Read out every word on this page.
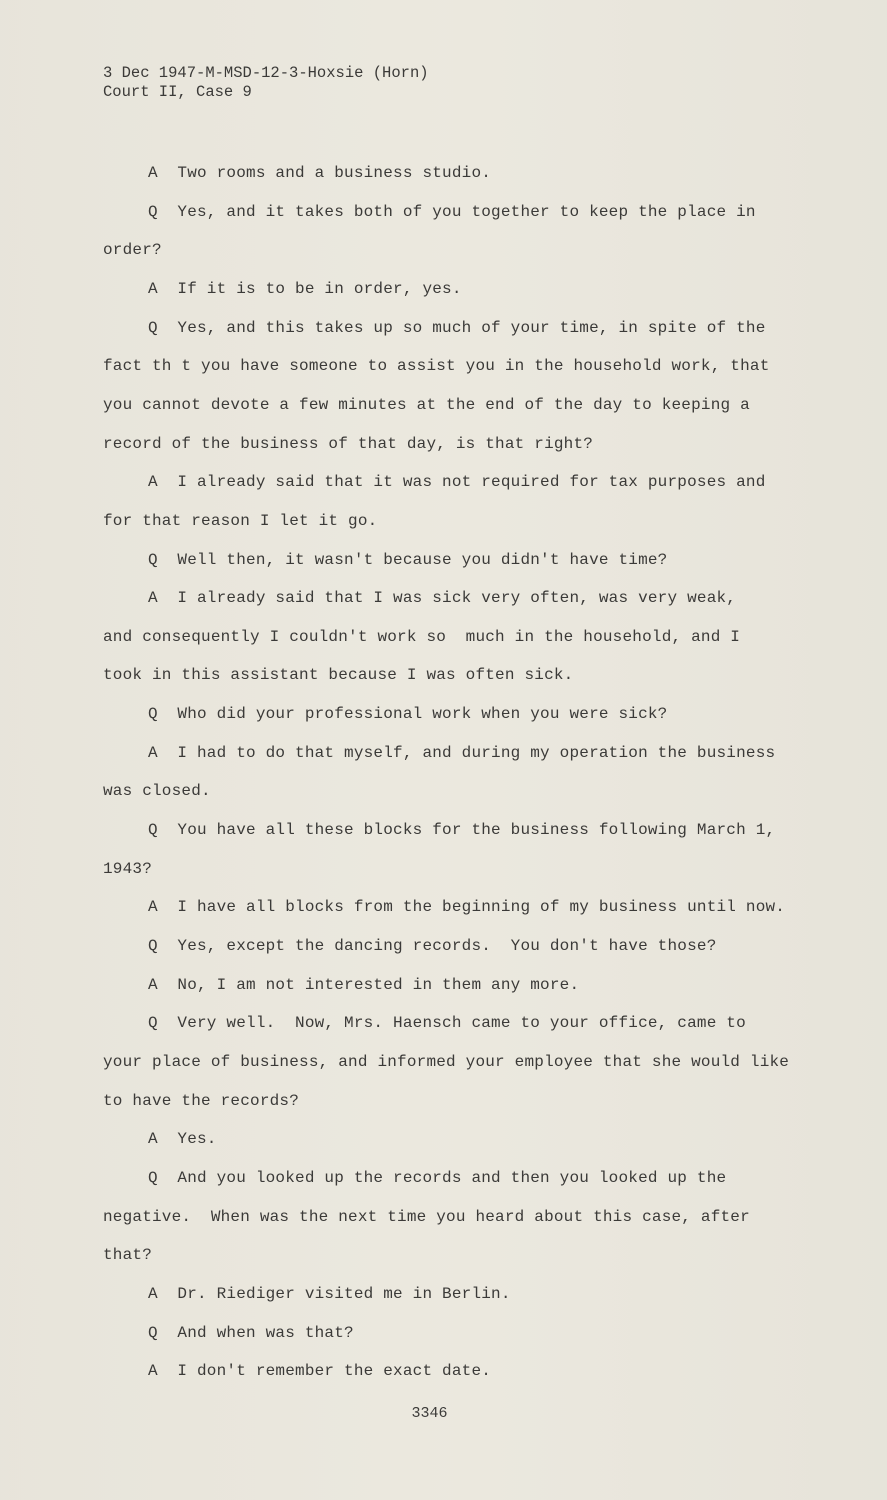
3 Dec 1947-M-MSD-12-3-Hoxsie (Horn)
Court II, Case 9
A  Two rooms and a business studio.
Q  Yes, and it takes both of you together to keep the place in
order?
A  If it is to be in order, yes.
Q  Yes, and this takes up so much of your time, in spite of the
fact th t you have someone to assist you in the household work, that
you cannot devote a few minutes at the end of the day to keeping a
record of the business of that day, is that right?
A  I already said that it was not required for tax purposes and
for that reason I let it go.
Q  Well then, it wasn't because you didn't have time?
A  I already said that I was sick very often, was very weak,
and consequently I couldn't work so  much in the household, and I
took in this assistant because I was often sick.
Q  Who did your professional work when you were sick?
A  I had to do that myself, and during my operation the business
was closed.
Q  You have all these blocks for the business following March 1,
1943?
A  I have all blocks from the beginning of my business until now.
Q  Yes, except the dancing records.  You don't have those?
A  No, I am not interested in them any more.
Q  Very well.  Now, Mrs. Haensch came to your office, came to
your place of business, and informed your employee that she would like
to have the records?
A  Yes.
Q  And you looked up the records and then you looked up the
negative.  When was the next time you heard about this case, after
that?
A  Dr. Riediger visited me in Berlin.
Q  And when was that?
A  I don't remember the exact date.
3346
